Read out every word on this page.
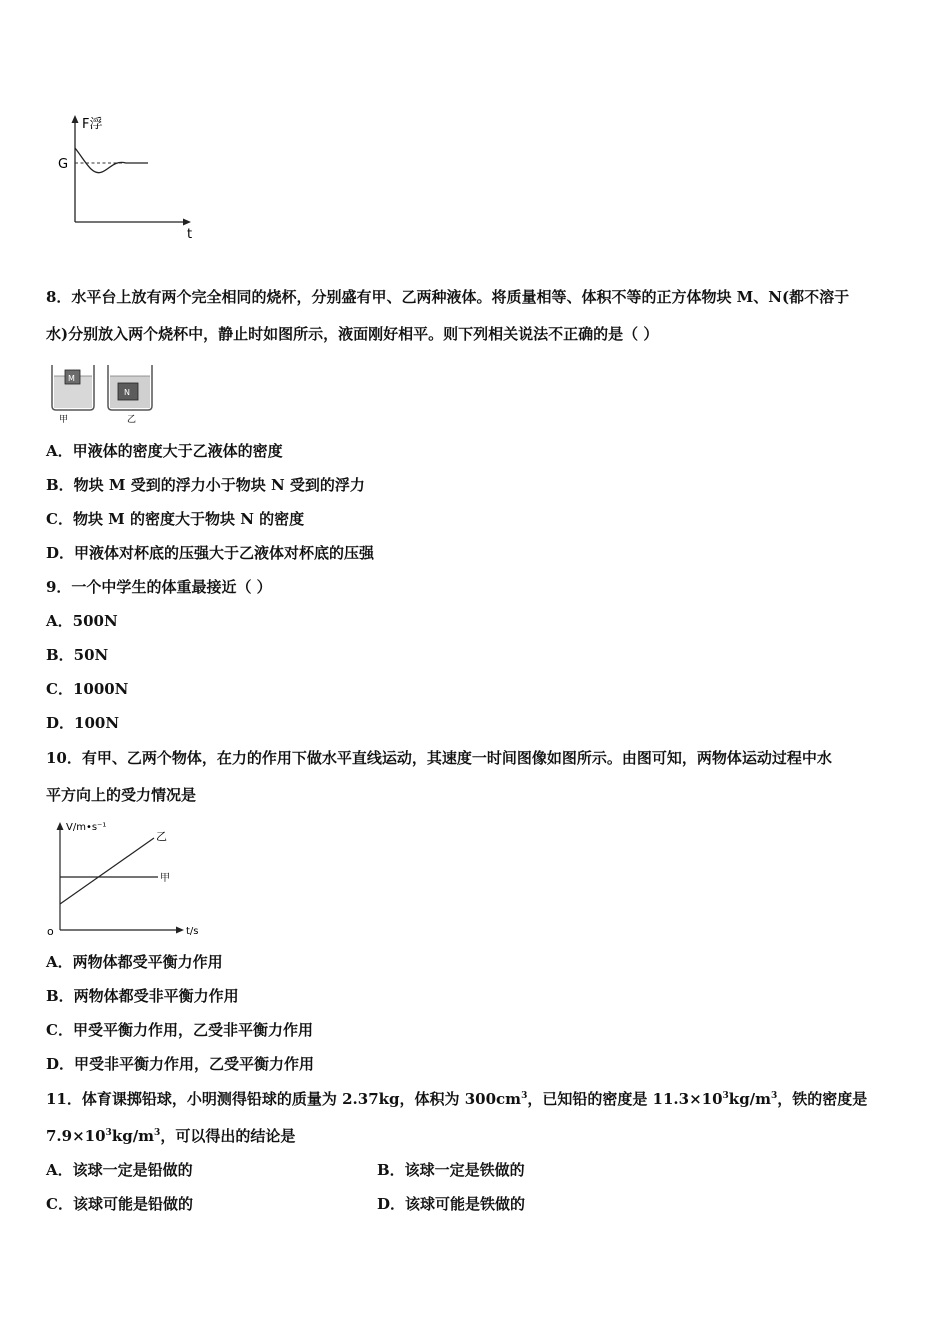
F浮
G
t
8．水平台上放有两个完全相同的烧杯，分别盛有甲、乙两种液体。将质量相等、体积不等的正方体物块 M、N(都不溶于
水)分别放入两个烧杯中，静止时如图所示，液面刚好相平。则下列相关说法不正确的是（ ）
M
甲
N
乙
A．甲液体的密度大于乙液体的密度
B．物块 M 受到的浮力小于物块 N 受到的浮力
C．物块 M 的密度大于物块 N 的密度
D．甲液体对杯底的压强大于乙液体对杯底的压强
9．一个中学生的体重最接近（ ）
A．500N
B．50N
C．1000N
D．100N
10．有甲、乙两个物体，在力的作用下做水平直线运动，其速度一时间图像如图所示。由图可知，两物体运动过程中水
平方向上的受力情况是
V/m•s⁻¹
乙
甲
o	t/s
A．两物体都受平衡力作用
B．两物体都受非平衡力作用
C．甲受平衡力作用，乙受非平衡力作用
D．甲受非平衡力作用，乙受平衡力作用
11．体育课掷铅球，小明测得铅球的质量为 2.37kg，体积为 $300cm^3$，已知铅的密度是 $11.3\times 10^3kg/m^3$，铁的密度是
$7.9\times 10^3kg/m^3$，可以得出的结论是
A．该球一定是铅做的	B．该球一定是铁做的
C．该球可能是铅做的	D．该球可能是铁做的
